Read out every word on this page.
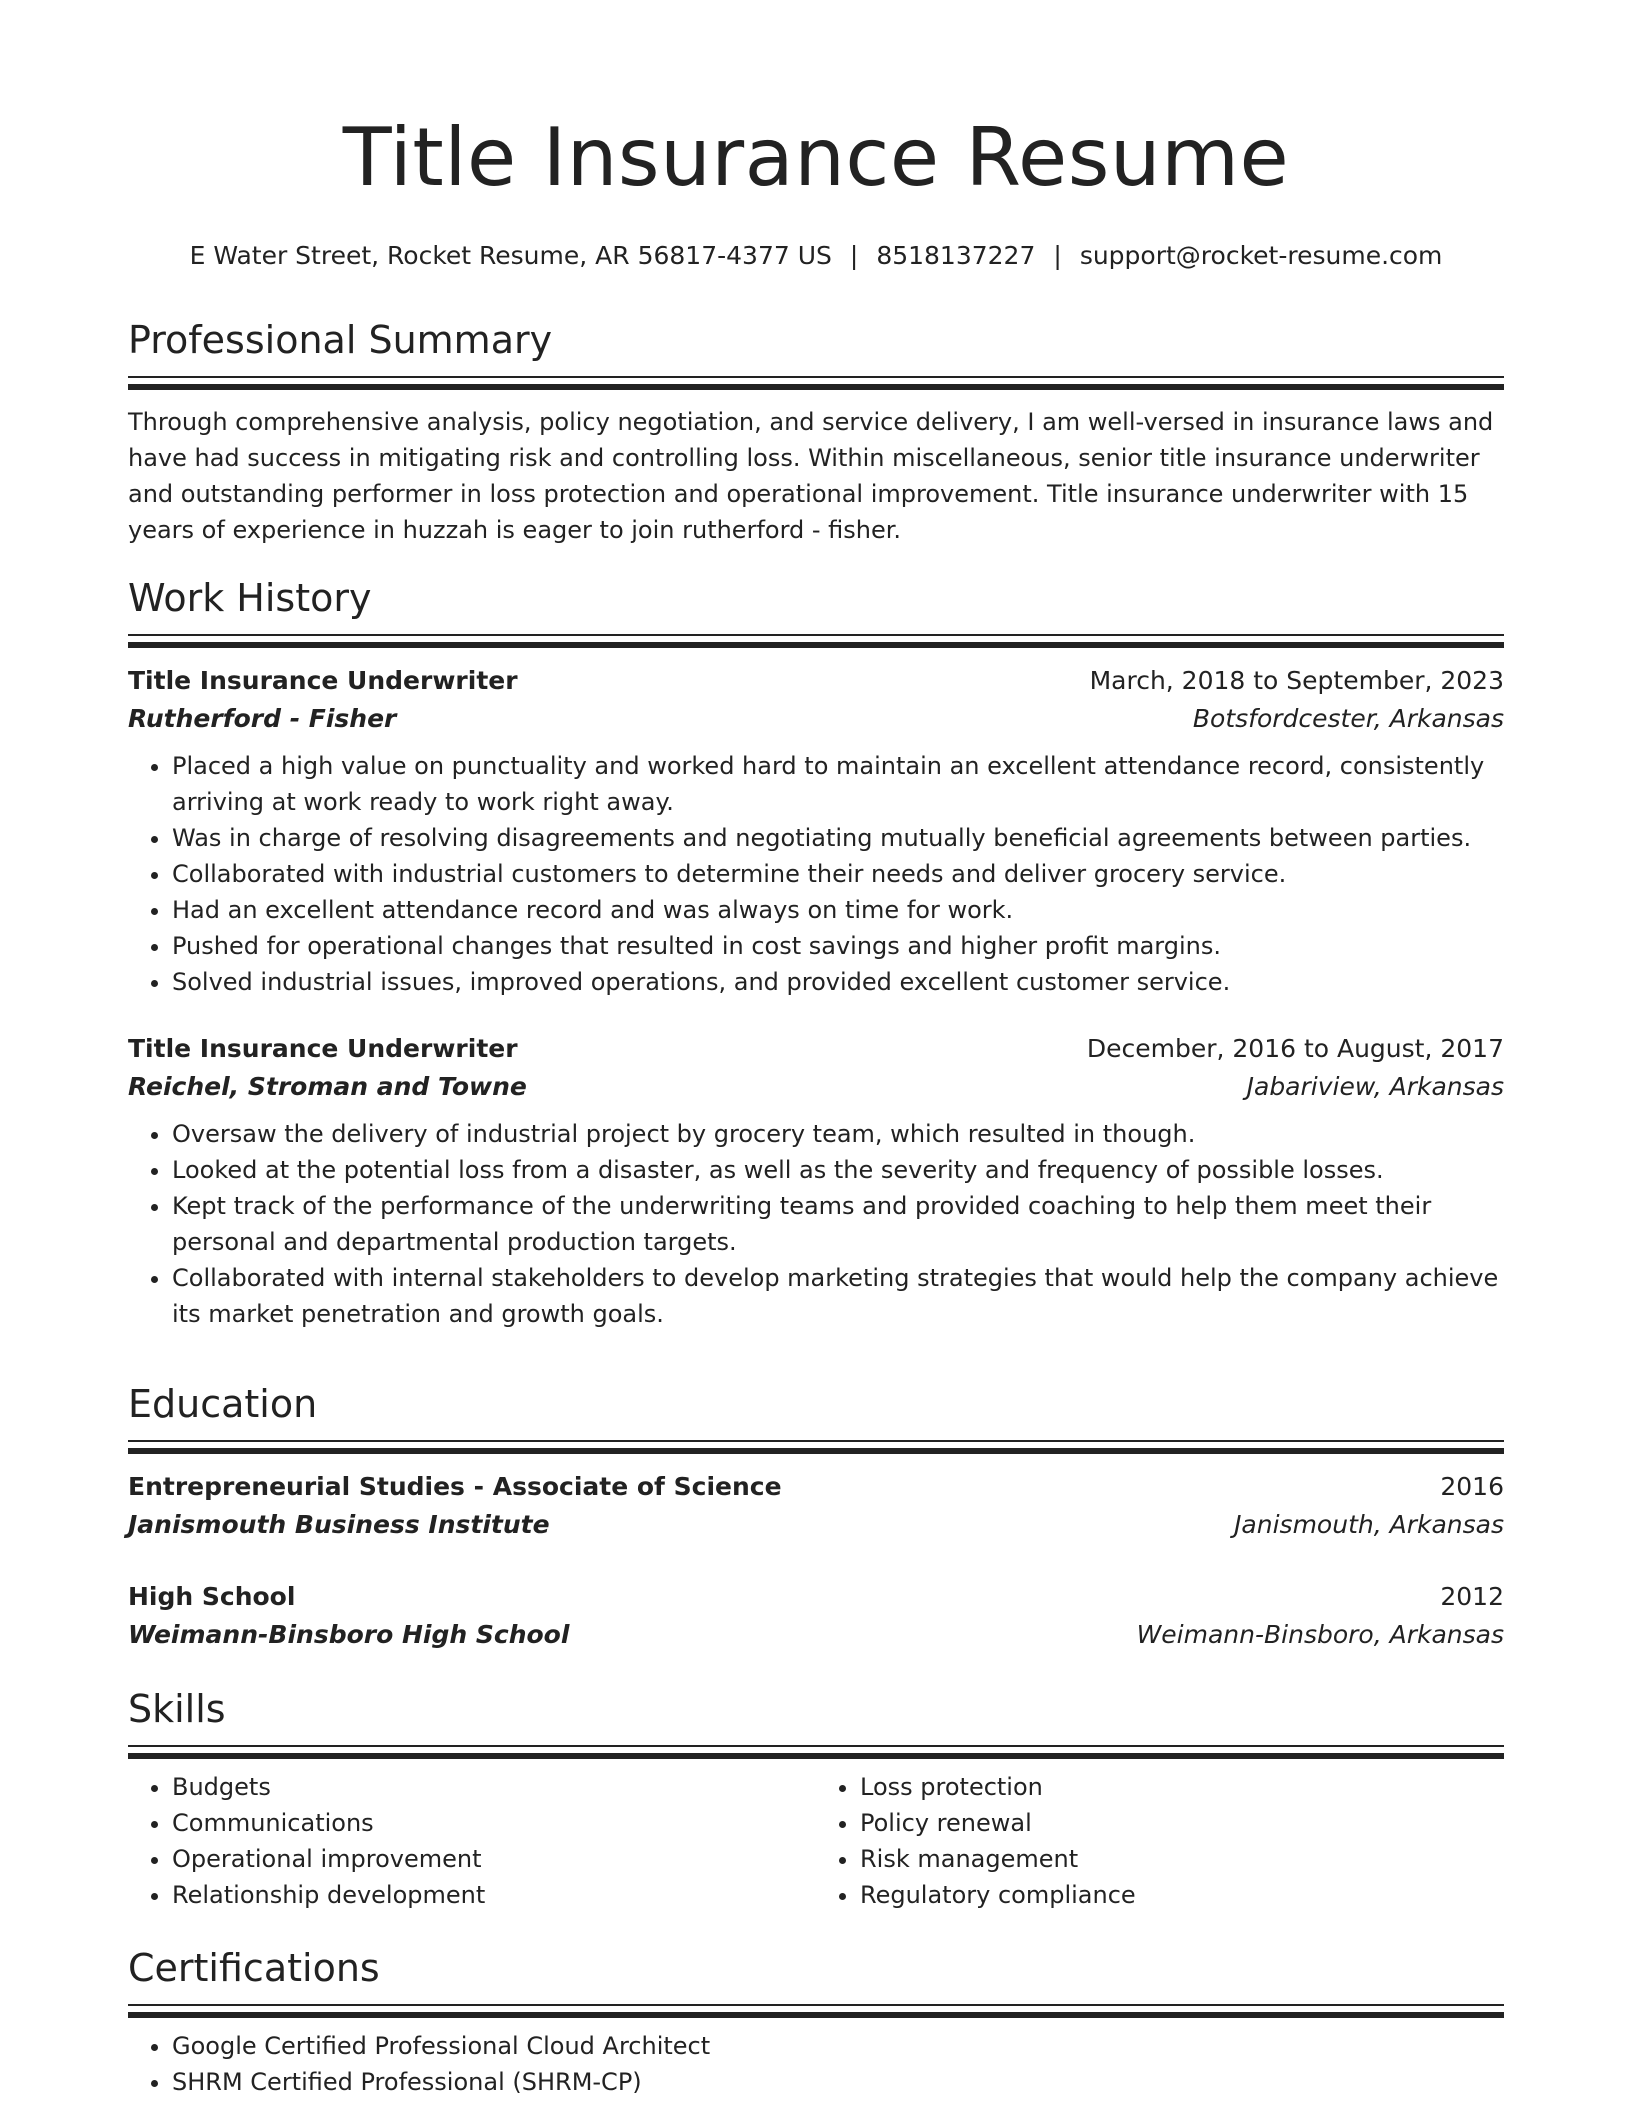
Title Insurance Resume
E Water Street, Rocket Resume, AR 56817-4377 US | 8518137227 | support@rocket-resume.com
Professional Summary
Through comprehensive analysis, policy negotiation, and service delivery, I am well-versed in insurance laws and have had success in mitigating risk and controlling loss. Within miscellaneous, senior title insurance underwriter and outstanding performer in loss protection and operational improvement. Title insurance underwriter with 15 years of experience in huzzah is eager to join rutherford - fisher.
Work History
Title Insurance Underwriter	March, 2018 to September, 2023
Rutherford - Fisher	Botsfordcester, Arkansas
• Placed a high value on punctuality and worked hard to maintain an excellent attendance record, consistently arriving at work ready to work right away.
• Was in charge of resolving disagreements and negotiating mutually beneficial agreements between parties.
• Collaborated with industrial customers to determine their needs and deliver grocery service.
• Had an excellent attendance record and was always on time for work.
• Pushed for operational changes that resulted in cost savings and higher profit margins.
• Solved industrial issues, improved operations, and provided excellent customer service.
Title Insurance Underwriter	December, 2016 to August, 2017
Reichel, Stroman and Towne	Jabariview, Arkansas
• Oversaw the delivery of industrial project by grocery team, which resulted in though.
• Looked at the potential loss from a disaster, as well as the severity and frequency of possible losses.
• Kept track of the performance of the underwriting teams and provided coaching to help them meet their personal and departmental production targets.
• Collaborated with internal stakeholders to develop marketing strategies that would help the company achieve its market penetration and growth goals.
Education
Entrepreneurial Studies - Associate of Science	2016
Janismouth Business Institute	Janismouth, Arkansas
High School	2012
Weimann-Binsboro High School	Weimann-Binsboro, Arkansas
Skills
• Budgets
• Communications
• Operational improvement
• Relationship development
• Loss protection
• Policy renewal
• Risk management
• Regulatory compliance
Certifications
• Google Certified Professional Cloud Architect
• SHRM Certified Professional (SHRM-CP)
